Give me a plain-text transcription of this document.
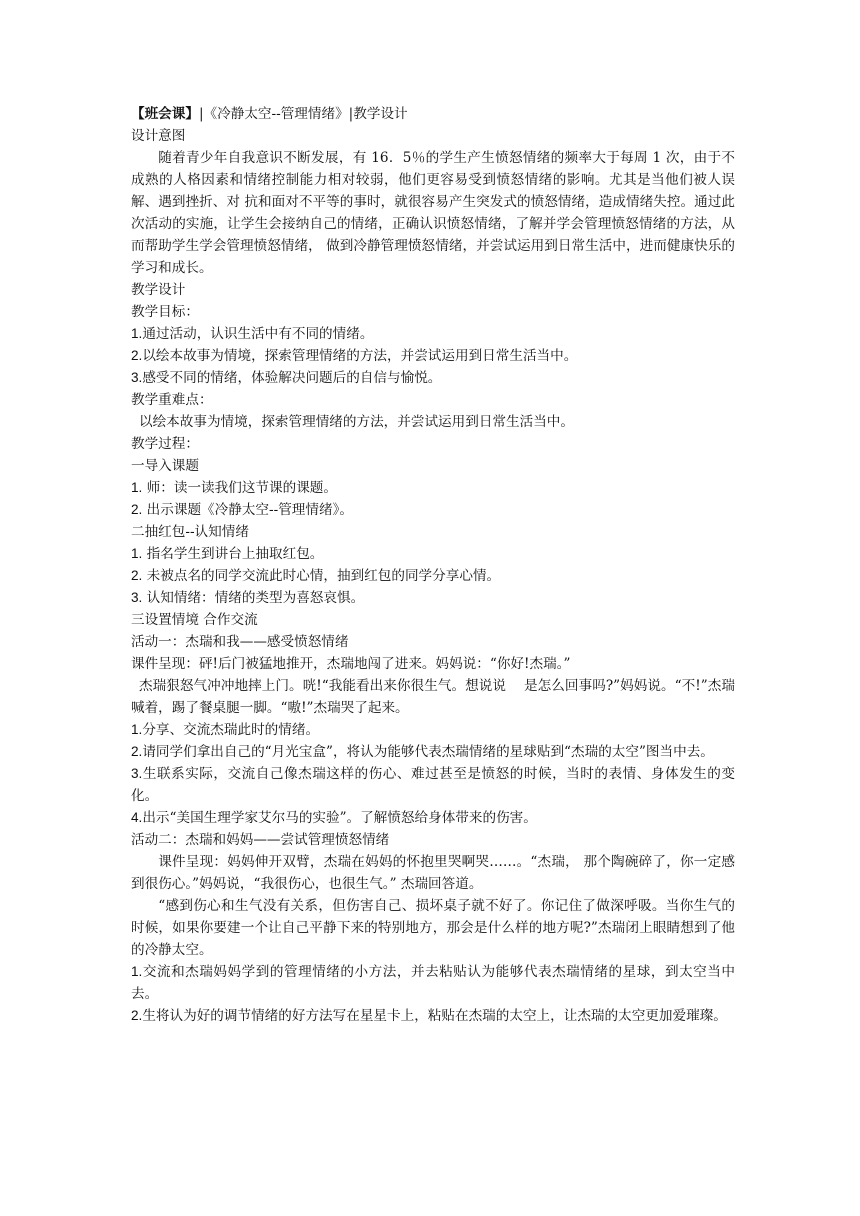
【班会课】|《冷静太空--管理情绪》|教学设计
设计意图
随着青少年自我意识不断发展，有 16．5％的学生产生愤怒情绪的频率大于每周 1 次，由于不成熟的人格因素和情绪控制能力相对较弱，他们更容易受到愤怒情绪的影响。尤其是当他们被人误解、遇到挫折、对 抗和面对不平等的事时，就很容易产生突发式的愤怒情绪，造成情绪失控。通过此次活动的实施，让学生会接纳自己的情绪，正确认识愤怒情绪，了解并学会管理愤怒情绪的方法，从而帮助学生学会管理愤怒情绪， 做到冷静管理愤怒情绪，并尝试运用到日常生活中，进而健康快乐的学习和成长。
教学设计
教学目标：
1.通过活动，认识生活中有不同的情绪。
2.以绘本故事为情境，探索管理情绪的方法，并尝试运用到日常生活当中。
3.感受不同的情绪，体验解决问题后的自信与愉悦。
教学重难点：
以绘本故事为情境，探索管理情绪的方法，并尝试运用到日常生活当中。
教学过程：
一导入课题
1. 师：读一读我们这节课的课题。
2. 出示课题《冷静太空--管理情绪》。
二抽红包--认知情绪
1. 指名学生到讲台上抽取红包。
2. 未被点名的同学交流此时心情，抽到红包的同学分享心情。
3. 认知情绪：情绪的类型为喜怒哀惧。
三设置情境 合作交流
活动一：杰瑞和我——感受愤怒情绪
课件呈现：砰!后门被猛地推开，杰瑞地闯了进来。妈妈说：“你好!杰瑞。”
杰瑞狠怒气冲冲地摔上门。咣!“我能看出来你很生气。想说说　 是怎么回事吗?”妈妈说。“不!”杰瑞喊着，踢了餐桌腿一脚。“嗷!”杰瑞哭了起来。
1.分享、交流杰瑞此时的情绪。
2.请同学们拿出自己的“月光宝盒”，将认为能够代表杰瑞情绪的星球贴到“杰瑞的太空”图当中去。
3.生联系实际，交流自己像杰瑞这样的伤心、难过甚至是愤怒的时候，当时的表情、身体发生的变化。
4.出示“美国生理学家艾尔马的实验”。了解愤怒给身体带来的伤害。
活动二：杰瑞和妈妈——尝试管理愤怒情绪
课件呈现：妈妈伸开双臂，杰瑞在妈妈的怀抱里哭啊哭……。“杰瑞， 那个陶碗碎了，你一定感到很伤心。”妈妈说，“我很伤心，也很生气。” 杰瑞回答道。
“感到伤心和生气没有关系，但伤害自己、损坏桌子就不好了。你记住了做深呼吸。当你生气的时候，如果你要建一个让自己平静下来的特别地方，那会是什么样的地方呢?”杰瑞闭上眼睛想到了他的冷静太空。
1.交流和杰瑞妈妈学到的管理情绪的小方法，并去粘贴认为能够代表杰瑞情绪的星球，到太空当中去。
2.生将认为好的调节情绪的好方法写在星星卡上，粘贴在杰瑞的太空上，让杰瑞的太空更加爱璀璨。
